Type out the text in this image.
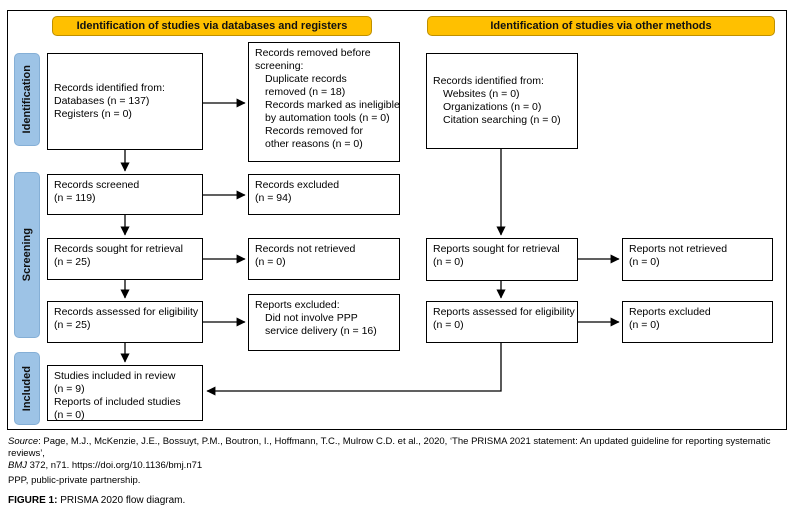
Identification of studies via databases and registers	Identification of studies via other methods
Identification
Screening
Included
Records identified from:
Databases (n = 137)
Registers (n = 0)
Records removed before
screening:
Duplicate records
removed (n = 18)
Records marked as ineligible
by automation tools (n = 0)
Records removed for
other reasons (n = 0)
Records screened
(n = 119)
Records excluded
(n = 94)
Records sought for retrieval
(n = 25)
Records not retrieved
(n = 0)
Records assessed for eligibility
(n = 25)
Reports excluded:
Did not involve PPP
service delivery (n = 16)
Studies included in review
(n = 9)
Reports of included studies
(n = 0)
Records identified from:
Websites (n = 0)
Organizations (n = 0)
Citation searching (n = 0)
Reports sought for retrieval
(n = 0)
Reports not retrieved
(n = 0)
Reports assessed for eligibility
(n = 0)
Reports excluded
(n = 0)

Source: Page, M.J., McKenzie, J.E., Bossuyt, P.M., Boutron, I., Hoffmann, T.C., Mulrow C.D. et al., 2020, ‘The PRISMA 2021 statement: An updated guideline for reporting systematic reviews’,

BMJ 372, n71. https://doi.org/10.1136/bmj.n71

PPP, public-private partnership.

FIGURE 1: PRISMA 2020 flow diagram.
